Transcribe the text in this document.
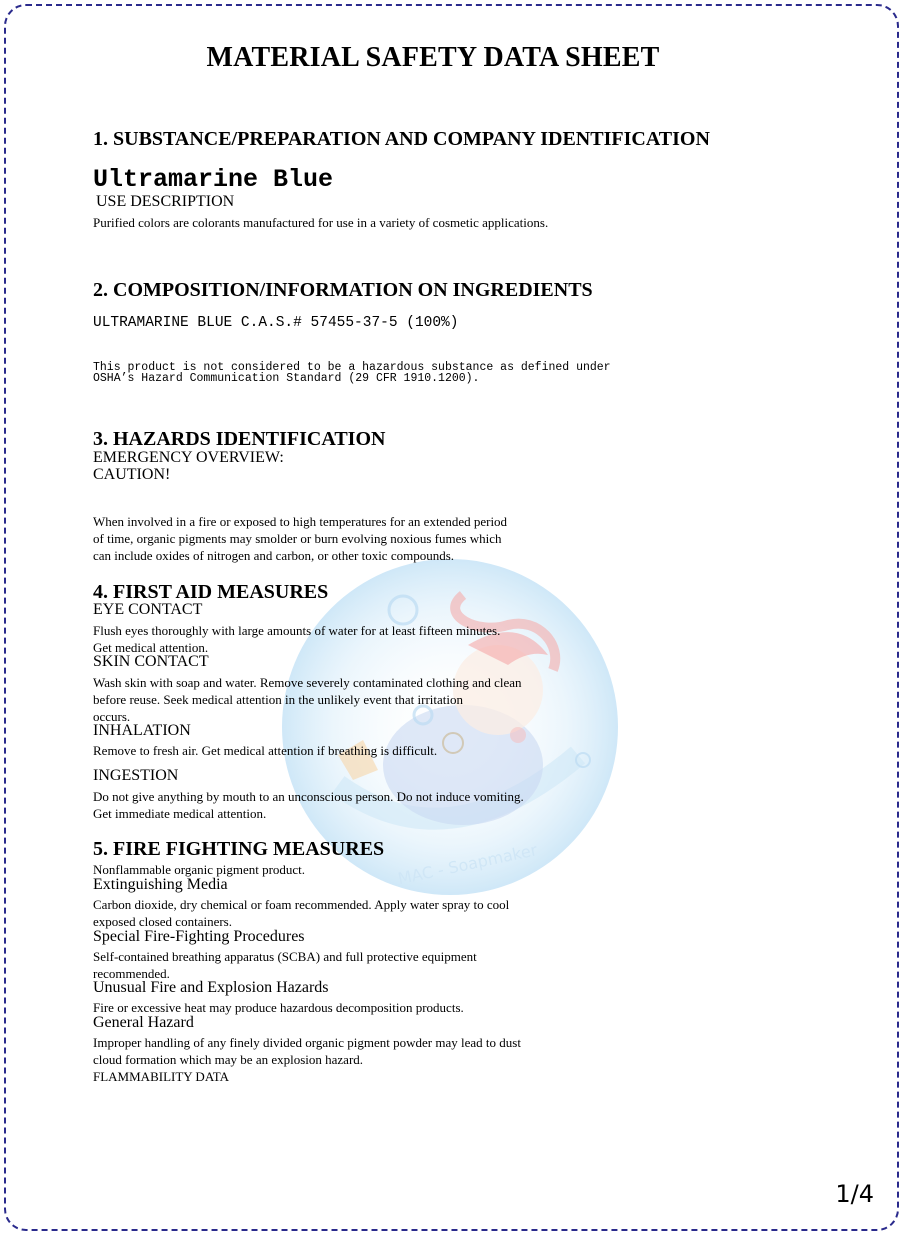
MAC - Soapmaker
MATERIAL SAFETY DATA SHEET
1. SUBSTANCE/PREPARATION AND COMPANY IDENTIFICATION
Ultramarine Blue
USE DESCRIPTION
Purified colors are colorants manufactured for use in a variety of cosmetic applications.
2. COMPOSITION/INFORMATION ON INGREDIENTS
ULTRAMARINE BLUE C.A.S.# 57455-37-5 (100%)
This product is not considered to be a hazardous substance as defined under
OSHA’s Hazard Communication Standard (29 CFR 1910.1200).
3. HAZARDS IDENTIFICATION
EMERGENCY OVERVIEW:
CAUTION!
When involved in a fire or exposed to high temperatures for an extended period
of time, organic pigments may smolder or burn evolving noxious fumes which
can include oxides of nitrogen and carbon, or other toxic compounds.
4. FIRST AID MEASURES
EYE CONTACT
Flush eyes thoroughly with large amounts of water for at least fifteen minutes.
Get medical attention.
SKIN CONTACT
Wash skin with soap and water. Remove severely contaminated clothing and clean
before reuse. Seek medical attention in the unlikely event that irritation
occurs.
INHALATION
Remove to fresh air. Get medical attention if breathing is difficult.
INGESTION
Do not give anything by mouth to an unconscious person. Do not induce vomiting.
Get immediate medical attention.
5. FIRE FIGHTING MEASURES
Nonflammable organic pigment product.
Extinguishing Media
Carbon dioxide, dry chemical or foam recommended. Apply water spray to cool
exposed closed containers.
Special Fire-Fighting Procedures
Self-contained breathing apparatus (SCBA) and full protective equipment
recommended.
Unusual Fire and Explosion Hazards
Fire or excessive heat may produce hazardous decomposition products.
General Hazard
Improper handling of any finely divided organic pigment powder may lead to dust
cloud formation which may be an explosion hazard.
FLAMMABILITY DATA
1/4
